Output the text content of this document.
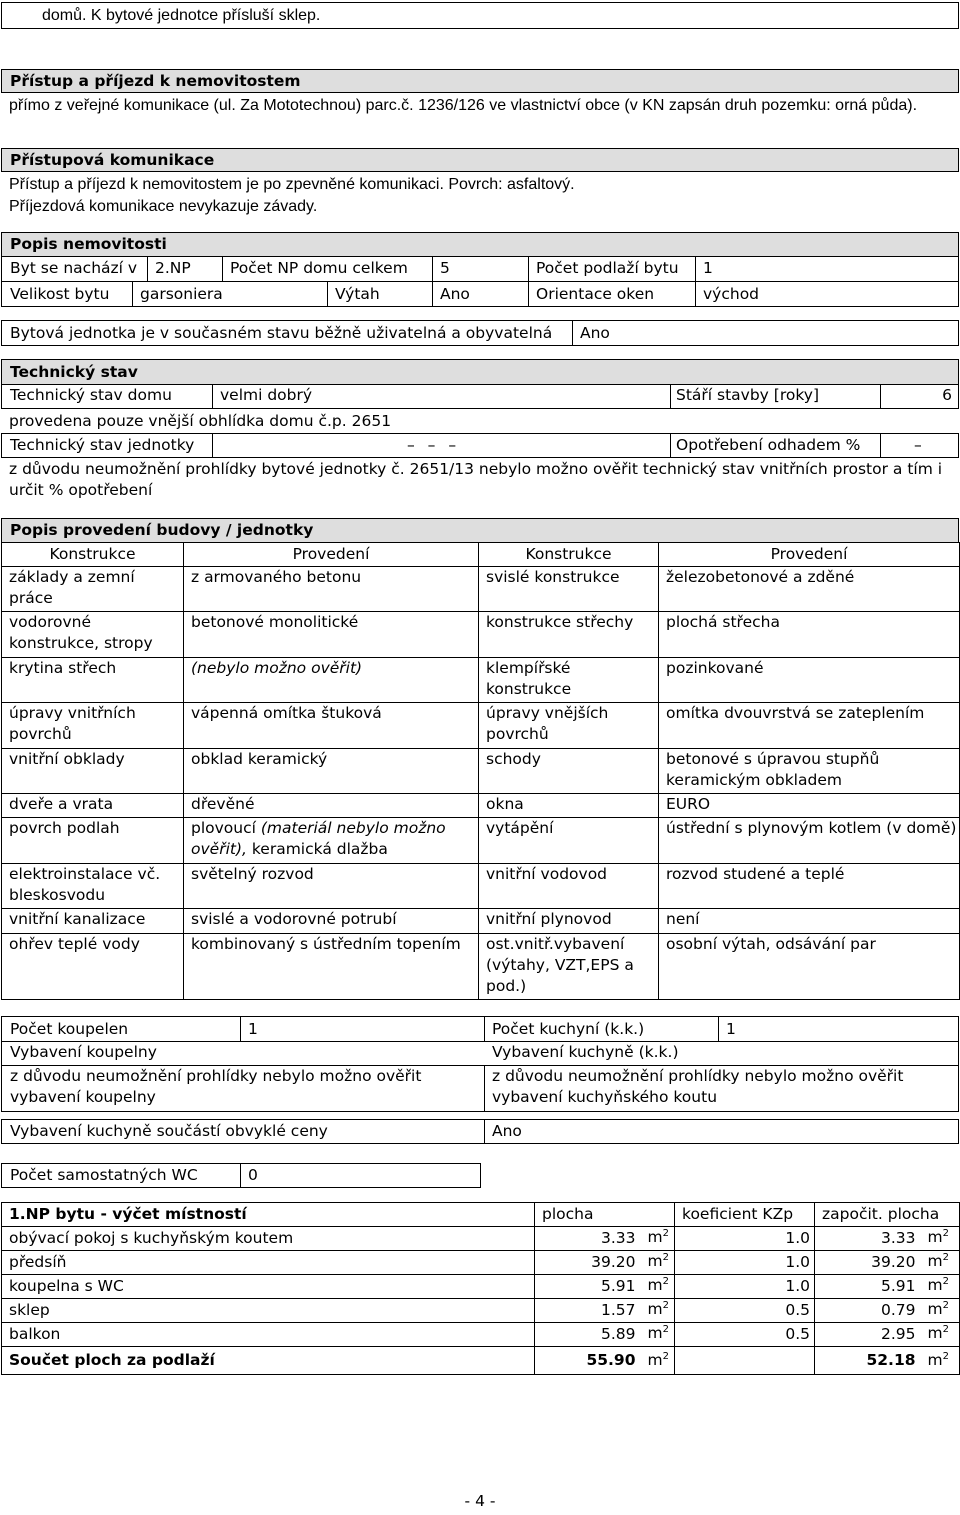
domů. K bytové jednotce přísluší sklep.
Přístup a příjezd k nemovitostem
přímo z veřejné komunikace (ul. Za Mototechnou) parc.č. 1236/126 ve vlastnictví obce (v KN zapsán druh pozemku: orná půda).
Přístupová komunikace
Přístup a příjezd k nemovitostem je po zpevněné komunikaci. Povrch: asfaltový.
Příjezdová komunikace nevykazuje závady.
Popis nemovitosti
Byt se nachází v 2.NP	Počet NP domu celkem 5	Počet podlaží bytu 1
Velikost bytu garsoniera	Výtah	Ano	Orientace oken	východ
Bytová jednotka je v současném stavu běžně uživatelná a obyvatelná Ano
Technický stav
Technický stav domu	velmi dobrý	Stáří stavby [roky]	6
provedena pouze vnější obhlídka domu č.p. 2651
Technický stav jednotky	– – –	Opotřebení odhadem %	–
z důvodu neumožnění prohlídky bytové jednotky č. 2651/13 nebylo možno ověřit technický stav vnitřních prostor a tím i určit % opotřebení
Popis provedení budovy / jednotky
Konstrukce	Provedení	Konstrukce	Provedení
základy a zemní práce	z armovaného betonu	svislé konstrukce	železobetonové a zděné
vodorovné konstrukce, stropy	betonové monolitické	konstrukce střechy	plochá střecha
krytina střech	(nebylo možno ověřit)	klempířské konstrukce	pozinkované
úpravy vnitřních povrchů	vápenná omítka štuková	úpravy vnějších povrchů	omítka dvouvrstvá se zateplením
vnitřní obklady	obklad keramický	schody	betonové s úpravou stupňů keramickým obkladem
dveře a vrata	dřevěné	okna	EURO
povrch podlah	plovoucí (materiál nebylo možno ověřit), keramická dlažba	vytápění	ústřední s plynovým kotlem (v domě)
elektroinstalace vč. bleskosvodu	světelný rozvod	vnitřní vodovod	rozvod studené a teplé
vnitřní kanalizace	svislé a vodorovné potrubí	vnitřní plynovod	není
ohřev teplé vody	kombinovaný s ústředním topením	ost.vnitř.vybavení (výtahy, VZT,EPS a pod.)	osobní výtah, odsávání par
Počet koupelen	1	Počet kuchyní (k.k.)	1
Vybavení koupelny	Vybavení kuchyně (k.k.)
z důvodu neumožnění prohlídky nebylo možno ověřit vybavení koupelny
z důvodu neumožnění prohlídky nebylo možno ověřit vybavení kuchyňského koutu
Vybavení kuchyně součástí obvyklé ceny	Ano
Počet samostatných WC	0
1.NP bytu - výčet místností	plocha		koeficient KZp	započit. plocha	
obývací pokoj s kuchyňským koutem	3.33	$m^2$	1.0	3.33	$m^2$
předsíň	39.20	$m^2$	1.0	39.20	$m^2$
koupelna s WC	5.91	$m^2$	1.0	5.91	$m^2$
sklep	1.57	$m^2$	0.5	0.79	$m^2$
balkon	5.89	$m^2$	0.5	2.95	$m^2$
Součet ploch za podlaží	55.90	$m^2$		52.18	$m^2$
- 4 -
